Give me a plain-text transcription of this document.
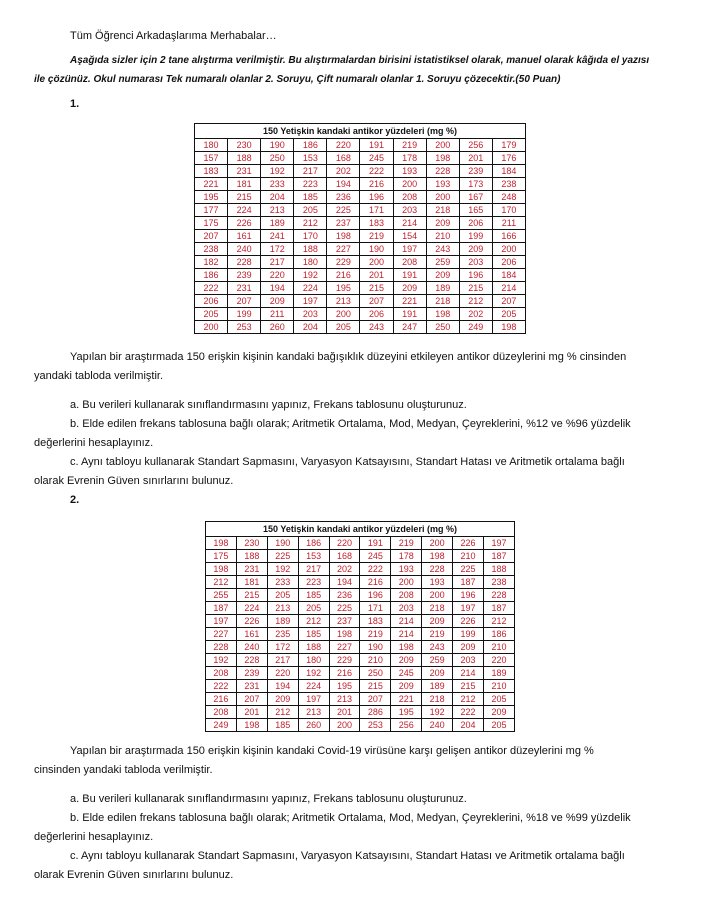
Tüm Öğrenci Arkadaşlarıma Merhabalar…
Aşağıda sizler için 2 tane alıştırma verilmiştir. Bu alıştırmalardan birisini istatistiksel olarak, manuel olarak kâğıda el yazısı
ile çözünüz. Okul numarası Tek numaralı olanlar 2. Soruyu, Çift numaralı olanlar 1. Soruyu çözecektir.(50 Puan)
1.
150 Yetişkin kandaki antikor yüzdeleri (mg %)									
180	230	190	186	220	191	219	200	256	179
157	188	250	153	168	245	178	198	201	176
183	231	192	217	202	222	193	228	239	184
221	181	233	223	194	216	200	193	173	238
195	215	204	185	236	196	208	200	167	248
177	224	213	205	225	171	203	218	165	170
175	226	189	212	237	183	214	209	206	211
207	161	241	170	198	219	154	210	199	166
238	240	172	188	227	190	197	243	209	200
182	228	217	180	229	200	208	259	203	206
186	239	220	192	216	201	191	209	196	184
222	231	194	224	195	215	209	189	215	214
206	207	209	197	213	207	221	218	212	207
205	199	211	203	200	206	191	198	202	205
200	253	260	204	205	243	247	250	249	198
Yapılan bir araştırmada 150 erişkin kişinin kandaki bağışıklık düzeyini etkileyen antikor düzeylerini mg % cinsinden
yandaki tabloda verilmiştir.
a. Bu verileri kullanarak sınıflandırmasını yapınız, Frekans tablosunu oluşturunuz.
b. Elde edilen frekans tablosuna bağlı olarak; Aritmetik Ortalama, Mod, Medyan, Çeyreklerini, %12 ve %96 yüzdelik
değerlerini hesaplayınız.
c. Aynı tabloyu kullanarak Standart Sapmasını, Varyasyon Katsayısını, Standart Hatası ve Aritmetik ortalama bağlı
olarak Evrenin Güven sınırlarını bulunuz.
2.
150 Yetişkin kandaki antikor yüzdeleri (mg %)									
198	230	190	186	220	191	219	200	226	197
175	188	225	153	168	245	178	198	210	187
198	231	192	217	202	222	193	228	225	188
212	181	233	223	194	216	200	193	187	238
255	215	205	185	236	196	208	200	196	228
187	224	213	205	225	171	203	218	197	187
197	226	189	212	237	183	214	209	226	212
227	161	235	185	198	219	214	219	199	186
228	240	172	188	227	190	198	243	209	210
192	228	217	180	229	210	209	259	203	220
208	239	220	192	216	250	245	209	214	189
222	231	194	224	195	215	209	189	215	210
216	207	209	197	213	207	221	218	212	205
208	201	212	213	201	286	195	192	222	209
249	198	185	260	200	253	256	240	204	205
Yapılan bir araştırmada 150 erişkin kişinin kandaki Covid-19 virüsüne karşı gelişen antikor düzeylerini mg %
cinsinden yandaki tabloda verilmiştir.
a. Bu verileri kullanarak sınıflandırmasını yapınız, Frekans tablosunu oluşturunuz.
b. Elde edilen frekans tablosuna bağlı olarak; Aritmetik Ortalama, Mod, Medyan, Çeyreklerini, %18 ve %99 yüzdelik
değerlerini hesaplayınız.
c. Aynı tabloyu kullanarak Standart Sapmasını, Varyasyon Katsayısını, Standart Hatası ve Aritmetik ortalama bağlı
olarak Evrenin Güven sınırlarını bulunuz.
